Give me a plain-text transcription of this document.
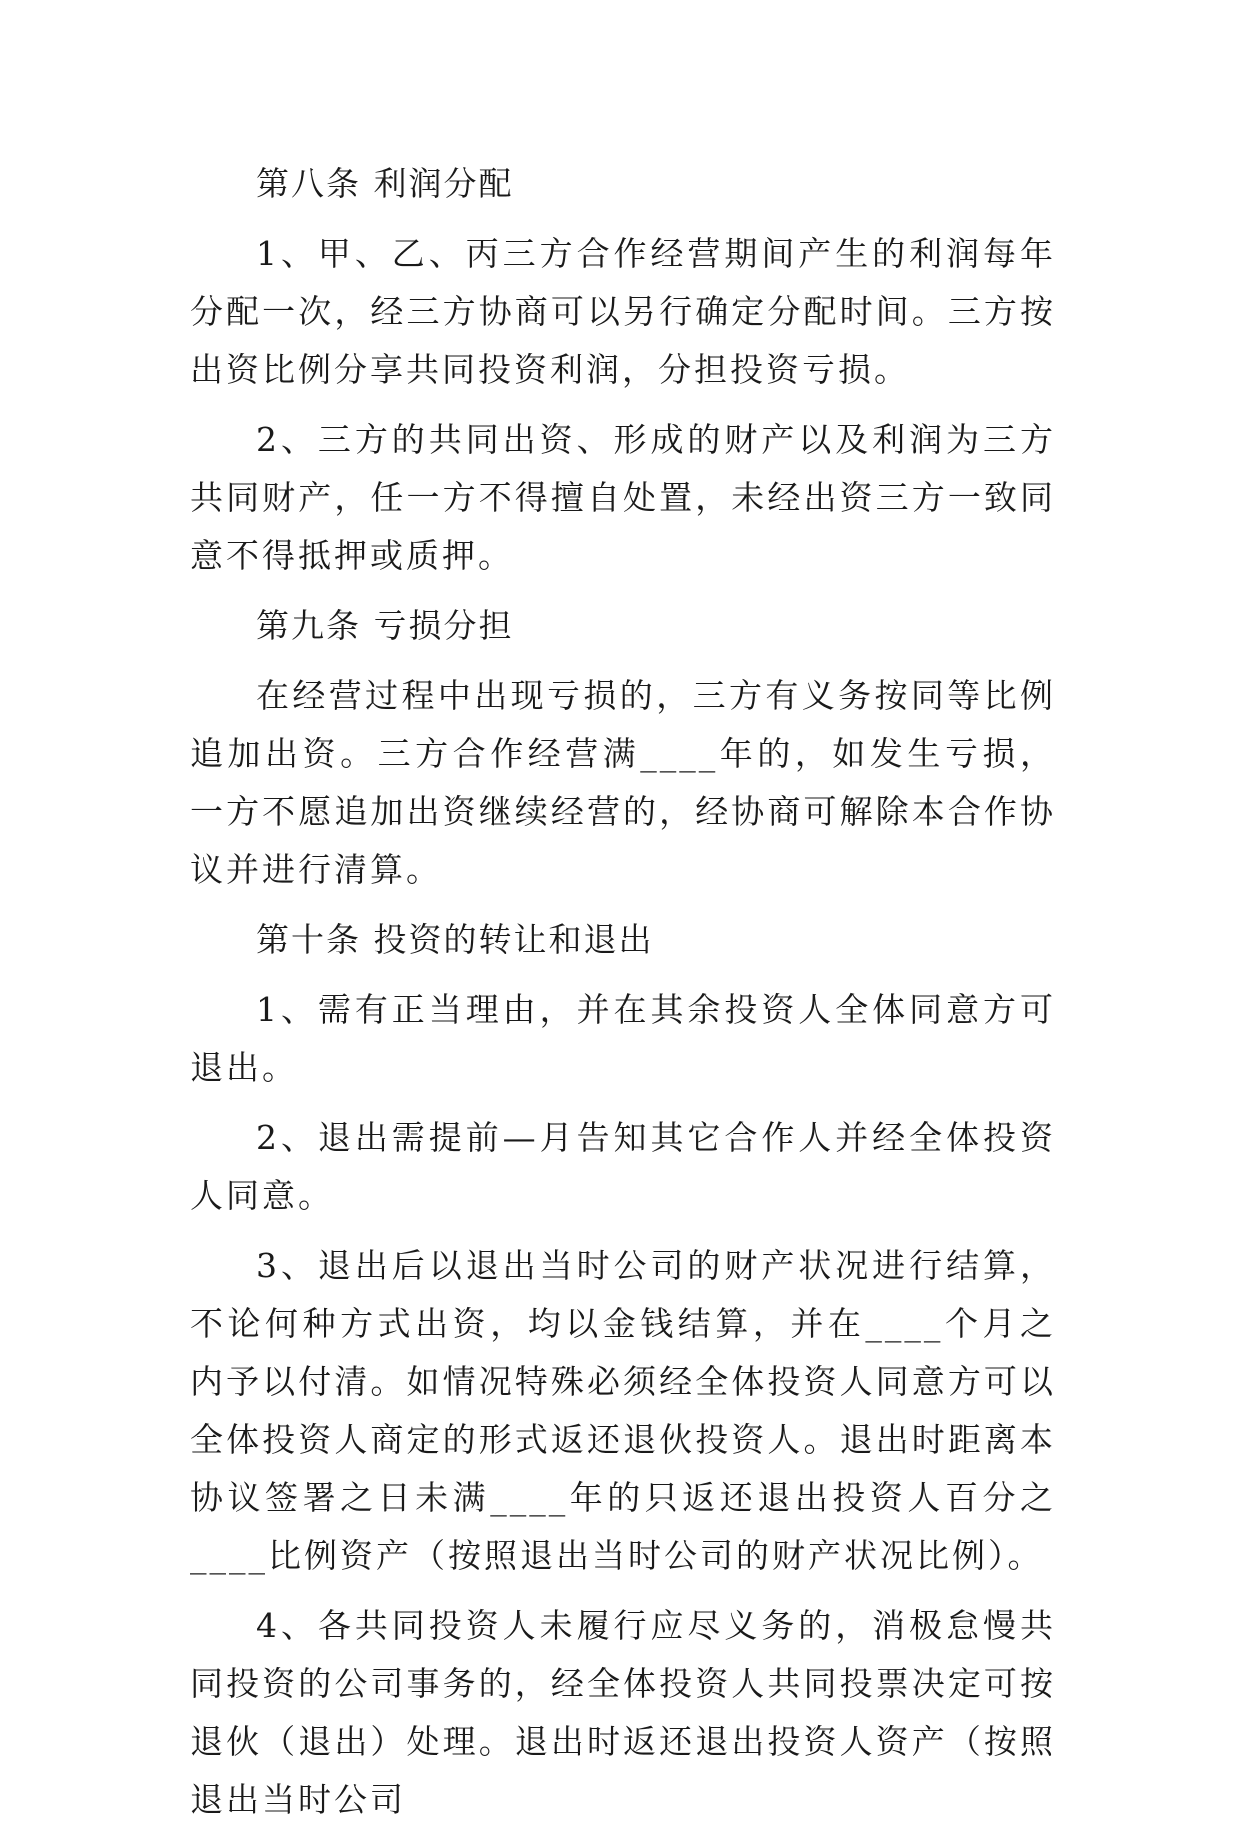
第八条 利润分配

1、甲、乙、丙三方合作经营期间产生的利润每年分配一次，经三方协商可以另行确定分配时间。三方按出资比例分享共同投资利润，分担投资亏损。

2、三方的共同出资、形成的财产以及利润为三方共同财产，任一方不得擅自处置，未经出资三方一致同意不得抵押或质押。

第九条 亏损分担

在经营过程中出现亏损的，三方有义务按同等比例追加出资。三方合作经营满____年的，如发生亏损，一方不愿追加出资继续经营的，经协商可解除本合作协议并进行清算。

第十条 投资的转让和退出

1、需有正当理由，并在其余投资人全体同意方可退出。

2、退出需提前—月告知其它合作人并经全体投资人同意。

3、退出后以退出当时公司的财产状况进行结算，不论何种方式出资，均以金钱结算，并在____个月之内予以付清。如情况特殊必须经全体投资人同意方可以全体投资人商定的形式返还退伙投资人。退出时距离本协议签署之日未满____年的只返还退出投资人百分之____比例资产（按照退出当时公司的财产状况比例）。

4、各共同投资人未履行应尽义务的，消极怠慢共同投资的公司事务的，经全体投资人共同投票决定可按退伙（退出）处理。退出时返还退出投资人资产（按照退出当时公司
